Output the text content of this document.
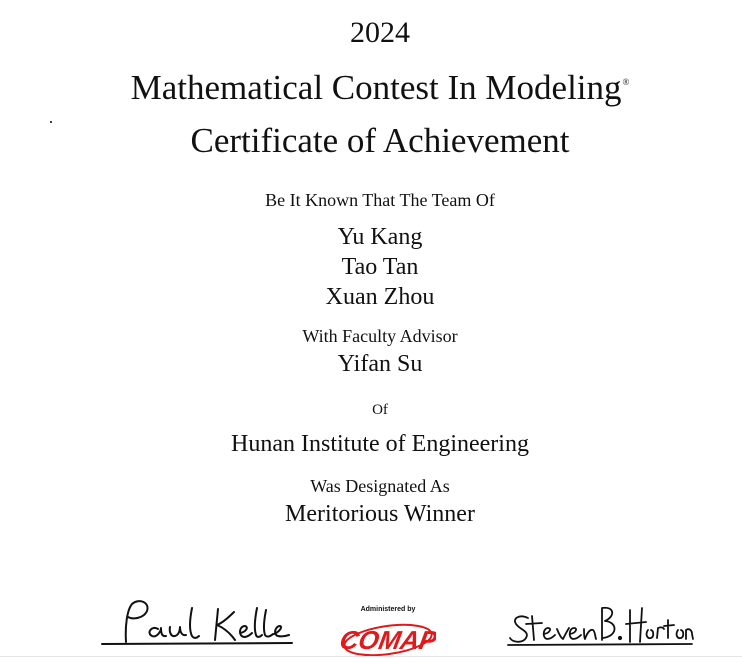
2024
Mathematical Contest In Modeling®
Certificate of Achievement
Be It Known That The Team Of
Yu Kang
Tao Tan
Xuan Zhou
With Faculty Advisor
Yifan Su
Of
Hunan Institute of Engineering
Was Designated As
Meritorious Winner
Administered by
COMAP
